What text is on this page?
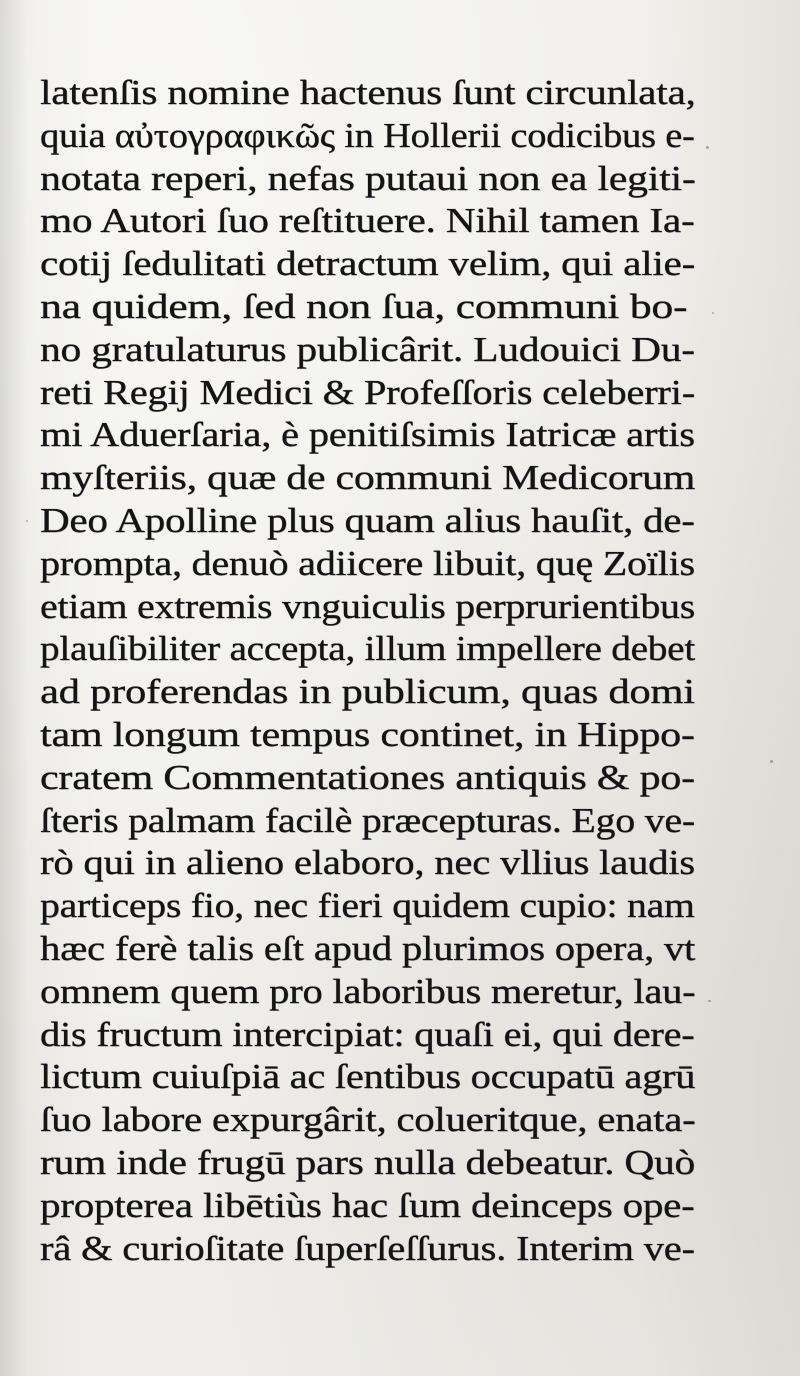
latenſis nomine hactenus ſunt circunlata,
quia αὐτογραφικῶς in Hollerii codicibus e-
notata reperi, nefas putaui non ea legiti-
mo Autori ſuo reſtituere. Nihil tamen Ia-
cotij ſedulitati detractum velim, qui alie-
na quidem, ſed non ſua, communi bo-
no gratulaturus publicârit. Ludouici Du-
reti Regij Medici & Profeſſoris celeberri-
mi Aduerſaria, è penitiſsimis Iatricæ artis
myſteriis, quæ de communi Medicorum
Deo Apolline plus quam alius hauſit, de-
prompta, denuò adiicere libuit, quę Zoïlis
etiam extremis vnguiculis perprurientibus
plauſibiliter accepta, illum impellere debet
ad proferendas in publicum, quas domi
tam longum tempus continet, in Hippo-
cratem Commentationes antiquis & po-
ſteris palmam facilè præcepturas. Ego ve-
rò qui in alieno elaboro, nec vllius laudis
particeps fio, nec fieri quidem cupio: nam
hæc ferè talis eſt apud plurimos opera, vt
omnem quem pro laboribus meretur, lau-
dis fructum intercipiat: quaſi ei, qui dere-
lictum cuiuſpiā ac ſentibus occupatū agrū
ſuo labore expurgârit, colueritque, enata-
rum inde frugū pars nulla debeatur. Quò
propterea libētiùs hac ſum deinceps ope-
râ & curioſitate ſuperſeſſurus. Interim ve-
